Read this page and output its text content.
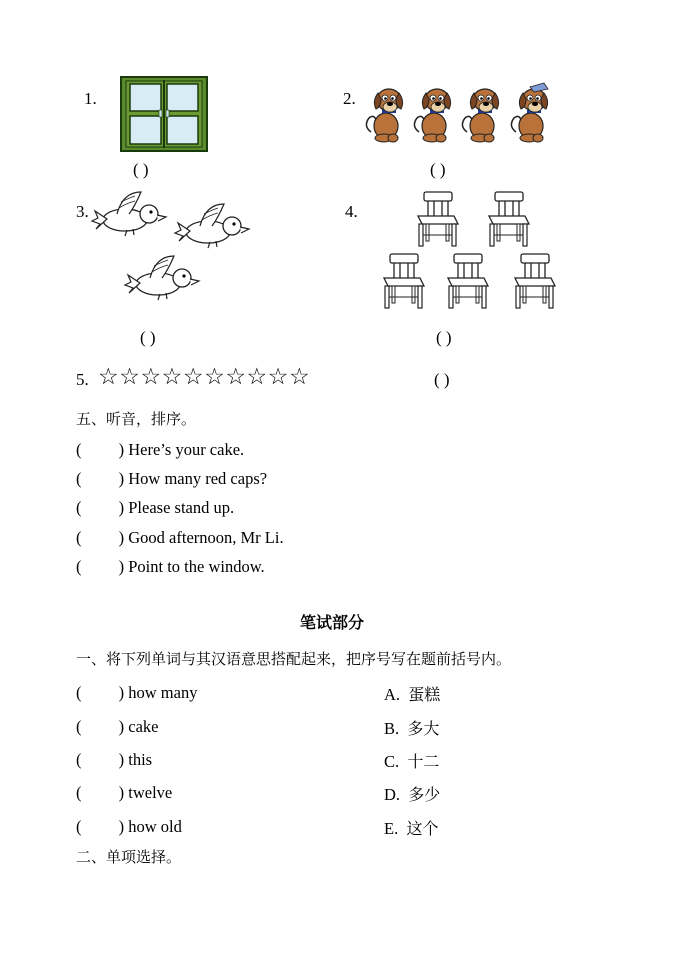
1.
( )
2.
( )
3.
( )
4.
( )
5. ☆☆☆☆☆☆☆☆☆☆	( )
五、听音，排序。
(         ) Here’s your cake.
(         ) How many red caps?
(         ) Please stand up.
(         ) Good afternoon, Mr Li.
(         ) Point to the window.
笔试部分
一、将下列单词与其汉语意思搭配起来，把序号写在题前括号内。
(         ) how many
(         ) cake
(         ) this
(         ) twelve
(         ) how old
A. 蛋糕
B. 多大
C. 十二
D. 多少
E. 这个
二、单项选择。
